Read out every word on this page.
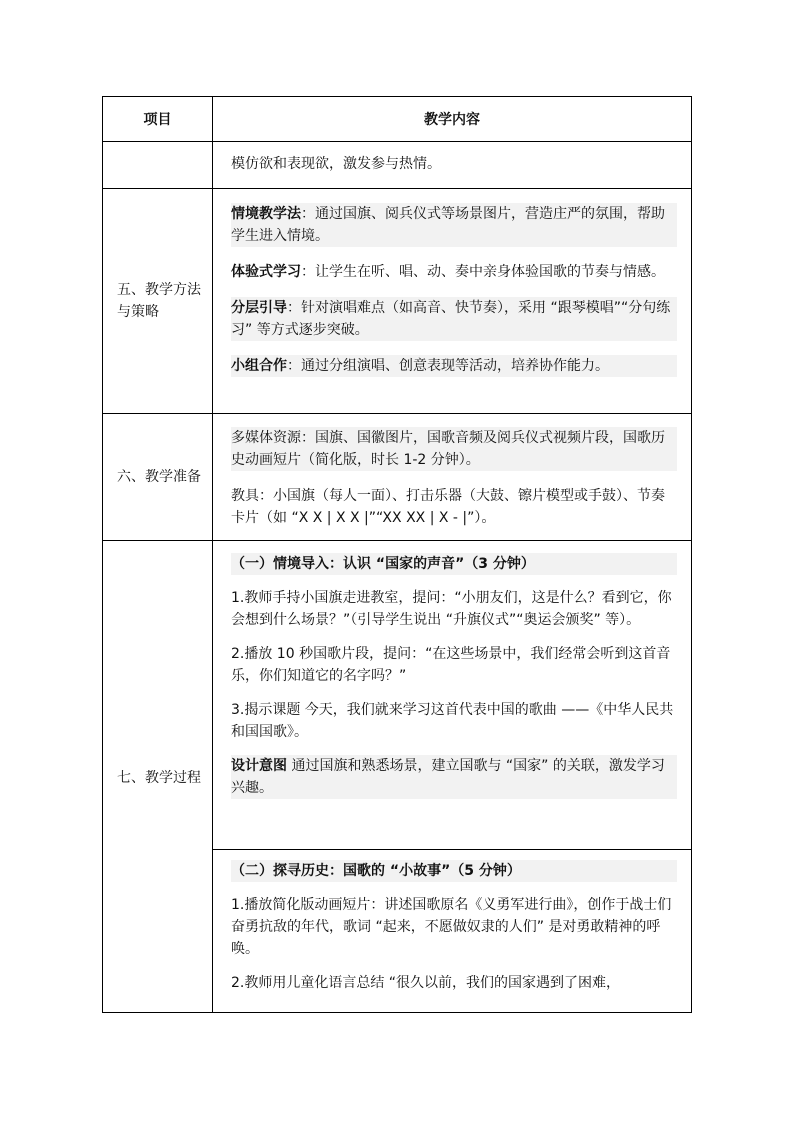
项目	教学内容

模仿欲和表现欲，激发参与热情。

五、教学方法与策略

情境教学法：通过国旗、阅兵仪式等场景图片，营造庄严的氛围，帮助学生进入情境。

体验式学习：让学生在听、唱、动、奏中亲身体验国歌的节奏与情感。

分层引导：针对演唱难点（如高音、快节奏），采用 “跟琴模唱”“分句练习” 等方式逐步突破。

小组合作：通过分组演唱、创意表现等活动，培养协作能力。

六、教学准备

多媒体资源：国旗、国徽图片，国歌音频及阅兵仪式视频片段，国歌历史动画短片（简化版，时长 1-2 分钟）。

教具：小国旗（每人一面）、打击乐器（大鼓、镲片模型或手鼓）、节奏卡片（如 “X X | X X |”“XX XX | X - |”）。

七、教学过程

（一）情境导入：认识 “国家的声音”（3 分钟）

1.教师手持小国旗走进教室，提问：“小朋友们，这是什么？看到它，你会想到什么场景？”（引导学生说出 “升旗仪式”“奥运会颁奖” 等）。

2.播放 10 秒国歌片段，提问：“在这些场景中，我们经常会听到这首音乐，你们知道它的名字吗？”

3.揭示课题 今天，我们就来学习这首代表中国的歌曲 ——《中华人民共和国国歌》。

设计意图 通过国旗和熟悉场景，建立国歌与 “国家” 的关联，激发学习兴趣。

（二）探寻历史：国歌的 “小故事”（5 分钟）

1.播放简化版动画短片：讲述国歌原名《义勇军进行曲》，创作于战士们奋勇抗敌的年代，歌词 “起来，不愿做奴隶的人们” 是对勇敢精神的呼唤。

2.教师用儿童化语言总结 “很久以前，我们的国家遇到了困难，
